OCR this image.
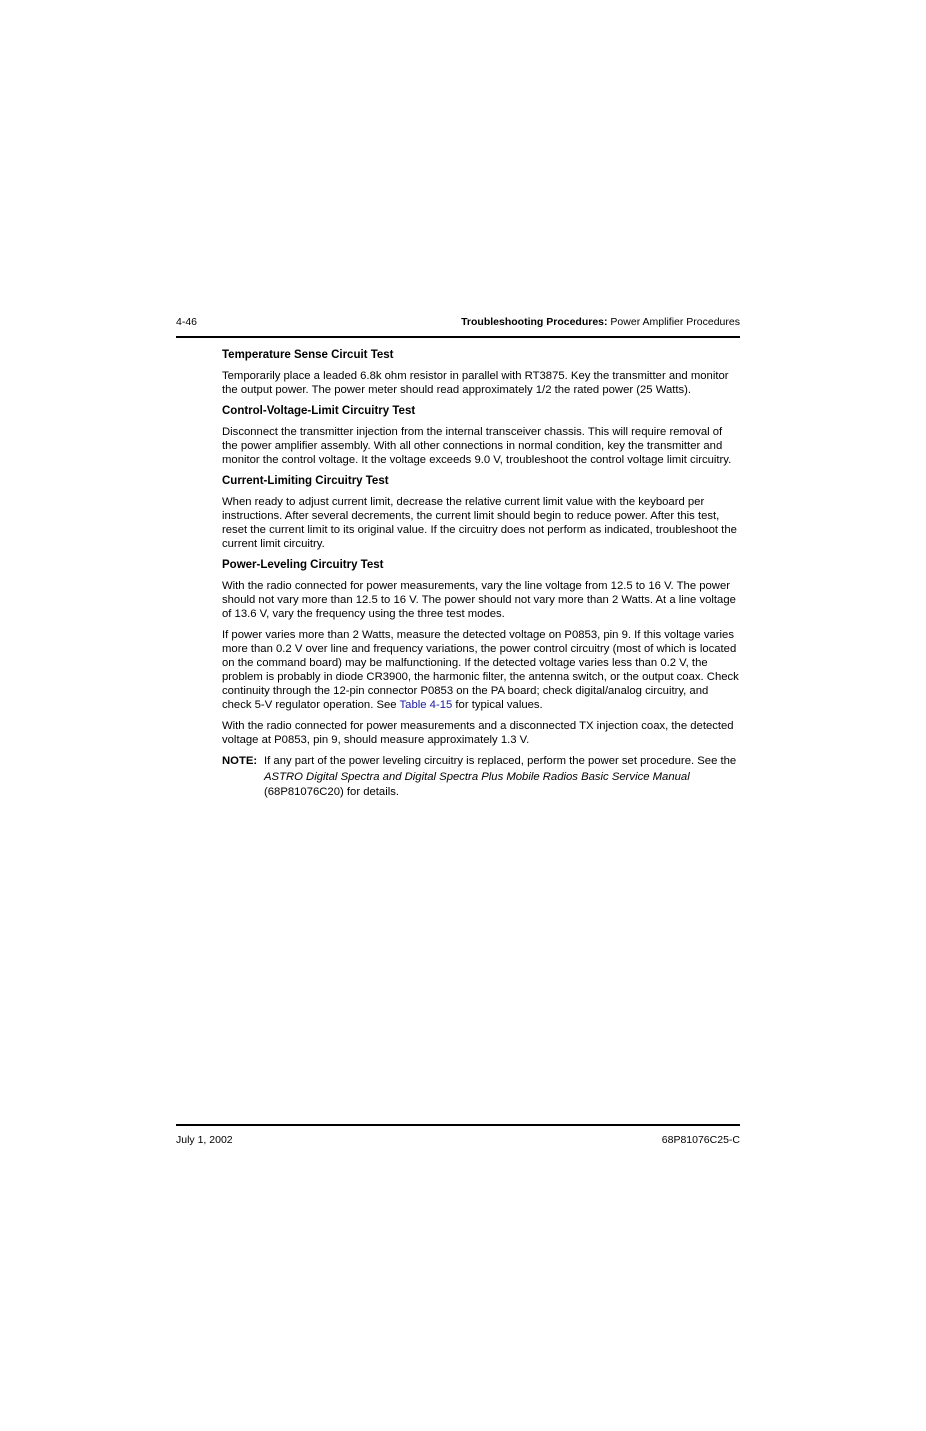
4-46	Troubleshooting Procedures: Power Amplifier Procedures
Temperature Sense Circuit Test

Temporarily place a leaded 6.8k ohm resistor in parallel with RT3875. Key the transmitter and monitor the output power. The power meter should read approximately 1/2 the rated power (25 Watts).

Control-Voltage-Limit Circuitry Test

Disconnect the transmitter injection from the internal transceiver chassis. This will require removal of the power amplifier assembly. With all other connections in normal condition, key the transmitter and monitor the control voltage. It the voltage exceeds 9.0 V, troubleshoot the control voltage limit circuitry.

Current-Limiting Circuitry Test

When ready to adjust current limit, decrease the relative current limit value with the keyboard per instructions. After several decrements, the current limit should begin to reduce power. After this test, reset the current limit to its original value. If the circuitry does not perform as indicated, troubleshoot the current limit circuitry.

Power-Leveling Circuitry Test

With the radio connected for power measurements, vary the line voltage from 12.5 to 16 V. The power should not vary more than 12.5 to 16 V. The power should not vary more than 2 Watts. At a line voltage of 13.6 V, vary the frequency using the three test modes.

If power varies more than 2 Watts, measure the detected voltage on P0853, pin 9. If this voltage varies more than 0.2 V over line and frequency variations, the power control circuitry (most of which is located on the command board) may be malfunctioning. If the detected voltage varies less than 0.2 V, the problem is probably in diode CR3900, the harmonic filter, the antenna switch, or the output coax. Check continuity through the 12-pin connector P0853 on the PA board; check digital/analog circuitry, and check 5-V regulator operation. See Table 4-15 for typical values.

With the radio connected for power measurements and a disconnected TX injection coax, the detected voltage at P0853, pin 9, should measure approximately 1.3 V.

NOTE: If any part of the power leveling circuitry is replaced, perform the power set procedure. See the ASTRO Digital Spectra and Digital Spectra Plus Mobile Radios Basic Service Manual (68P81076C20) for details.
July 1, 2002	68P81076C25-C
